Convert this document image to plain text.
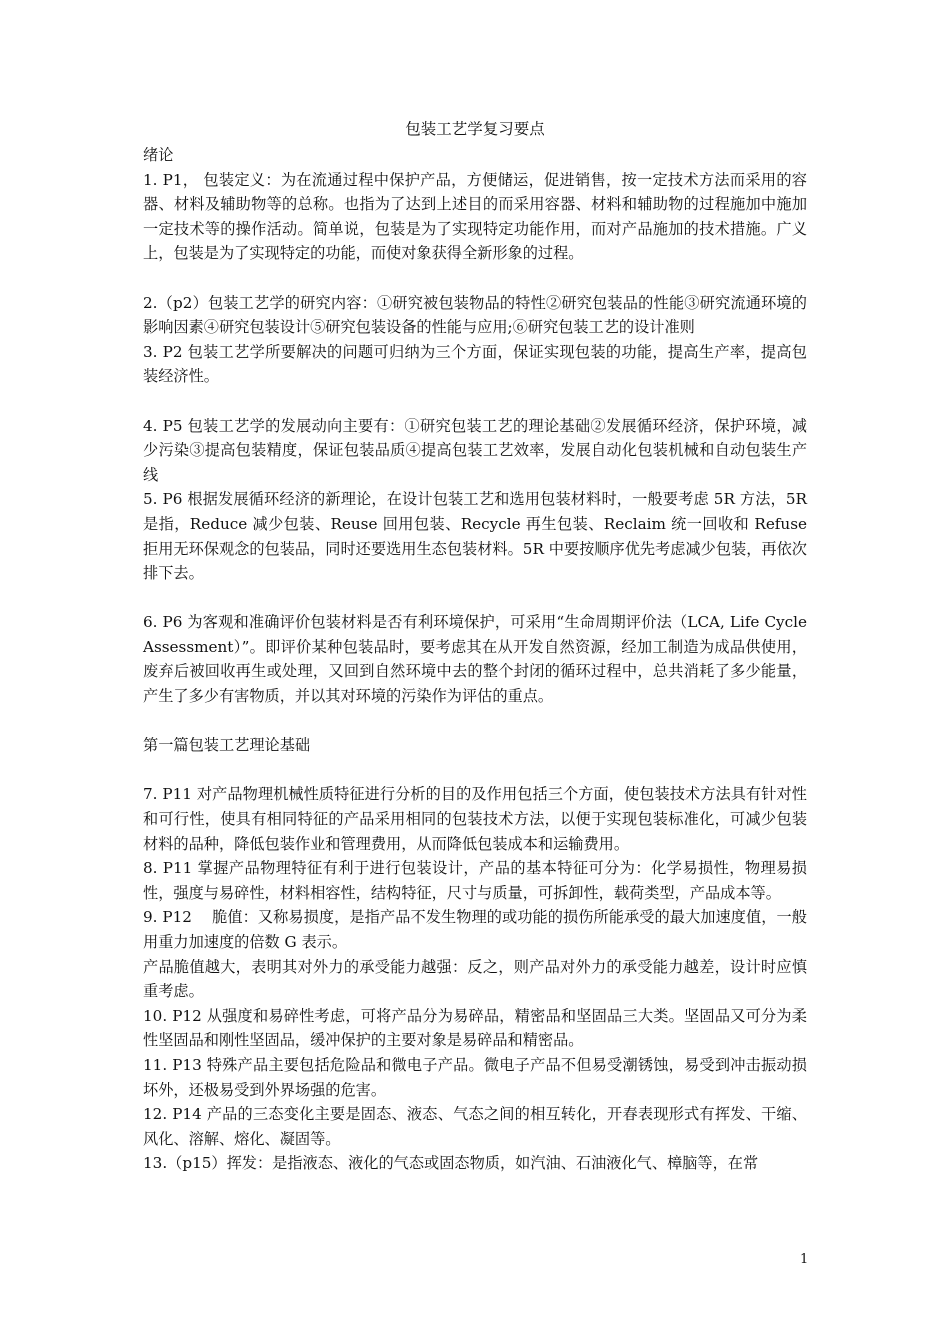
包装工艺学复习要点

绪论

1. P1， 包装定义：为在流通过程中保护产品，方便储运，促进销售，按一定技术方法而采用的容器、材料及辅助物等的总称。也指为了达到上述目的而采用容器、材料和辅助物的过程施加中施加一定技术等的操作活动。简单说，包装是为了实现特定功能作用，而对产品施加的技术措施。广义上，包装是为了实现特定的功能，而使对象获得全新形象的过程。

2.（p2）包装工艺学的研究内容：①研究被包装物品的特性②研究包装品的性能③研究流通环境的影响因素④研究包装设计⑤研究包装设备的性能与应用;⑥研究包装工艺的设计准则

3. P2 包装工艺学所要解决的问题可归纳为三个方面，保证实现包装的功能，提高生产率，提高包装经济性。

4. P5 包装工艺学的发展动向主要有：①研究包装工艺的理论基础②发展循环经济，保护环境，减少污染③提高包装精度，保证包装品质④提高包装工艺效率，发展自动化包装机械和自动包装生产线

5. P6 根据发展循环经济的新理论，在设计包装工艺和选用包装材料时，一般要考虑 5R 方法，5R 是指，Reduce 减少包装、Reuse 回用包装、Recycle 再生包装、Reclaim 统一回收和 Refuse 拒用无环保观念的包装品，同时还要选用生态包装材料。5R 中要按顺序优先考虑减少包装，再依次排下去。

6. P6 为客观和准确评价包装材料是否有利环境保护，可采用“生命周期评价法（LCA, Life Cycle Assessment）”。即评价某种包装品时，要考虑其在从开发自然资源，经加工制造为成品供使用，废弃后被回收再生或处理，又回到自然环境中去的整个封闭的循环过程中，总共消耗了多少能量，产生了多少有害物质，并以其对环境的污染作为评估的重点。

第一篇包装工艺理论基础

7. P11 对产品物理机械性质特征进行分析的目的及作用包括三个方面，使包装技术方法具有针对性和可行性，使具有相同特征的产品采用相同的包装技术方法，以便于实现包装标准化，可减少包装材料的品种，降低包装作业和管理费用，从而降低包装成本和运输费用。

8. P11 掌握产品物理特征有利于进行包装设计，产品的基本特征可分为：化学易损性，物理易损性，强度与易碎性，材料相容性，结构特征，尺寸与质量，可拆卸性，载荷类型，产品成本等。

9. P12　 脆值：又称易损度，是指产品不发生物理的或功能的损伤所能承受的最大加速度值，一般用重力加速度的倍数 G 表示。

产品脆值越大，表明其对外力的承受能力越强：反之，则产品对外力的承受能力越差，设计时应慎重考虑。

10. P12 从强度和易碎性考虑，可将产品分为易碎品，精密品和坚固品三大类。坚固品又可分为柔性坚固品和刚性坚固品，缓冲保护的主要对象是易碎品和精密品。

11. P13 特殊产品主要包括危险品和微电子产品。微电子产品不但易受潮锈蚀，易受到冲击振动损坏外，还极易受到外界场强的危害。

12. P14 产品的三态变化主要是固态、液态、气态之间的相互转化，开春表现形式有挥发、干缩、风化、溶解、熔化、凝固等。

13.（p15）挥发：是指液态、液化的气态或固态物质，如汽油、石油液化气、樟脑等，在常

1
